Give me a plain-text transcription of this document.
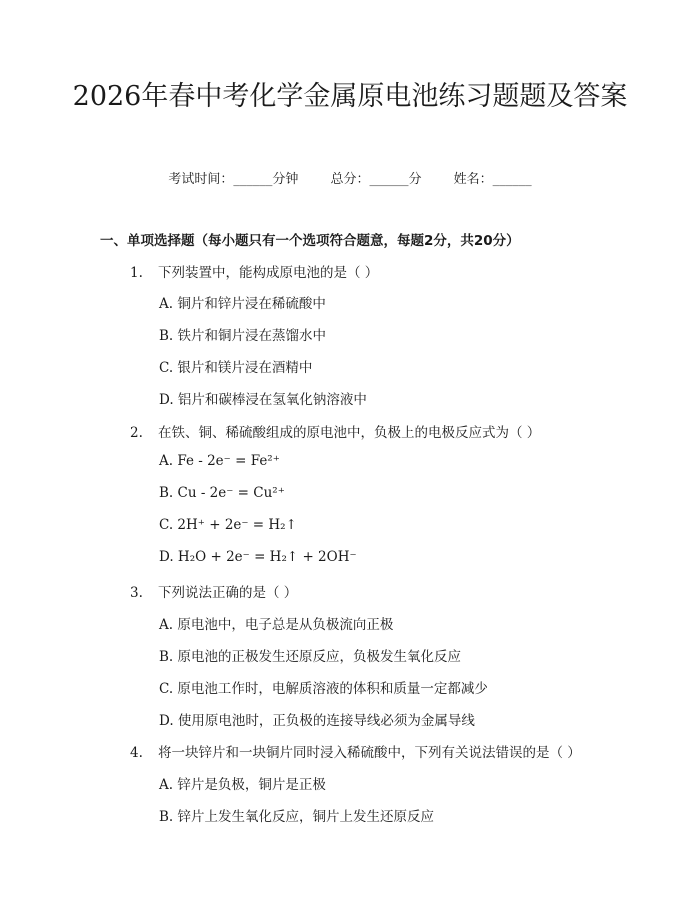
2026年春中考化学金属原电池练习题题及答案
考试时间：______分钟 总分：______分 姓名：______
一、单项选择题（每小题只有一个选项符合题意，每题2分，共20分）
1. 下列装置中，能构成原电池的是（ ）
A. 铜片和锌片浸在稀硫酸中
B. 铁片和铜片浸在蒸馏水中
C. 银片和镁片浸在酒精中
D. 铝片和碳棒浸在氢氧化钠溶液中
2. 在铁、铜、稀硫酸组成的原电池中，负极上的电极反应式为（ ）
A. Fe - 2e⁻ = Fe²⁺
B. Cu - 2e⁻ = Cu²⁺
C. 2H⁺ + 2e⁻ = H₂↑
D. H₂O + 2e⁻ = H₂↑ + 2OH⁻
3. 下列说法正确的是（ ）
A. 原电池中，电子总是从负极流向正极
B. 原电池的正极发生还原反应，负极发生氧化反应
C. 原电池工作时，电解质溶液的体积和质量一定都减少
D. 使用原电池时，正负极的连接导线必须为金属导线
4. 将一块锌片和一块铜片同时浸入稀硫酸中，下列有关说法错误的是（ ）
A. 锌片是负极，铜片是正极
B. 锌片上发生氧化反应，铜片上发生还原反应
